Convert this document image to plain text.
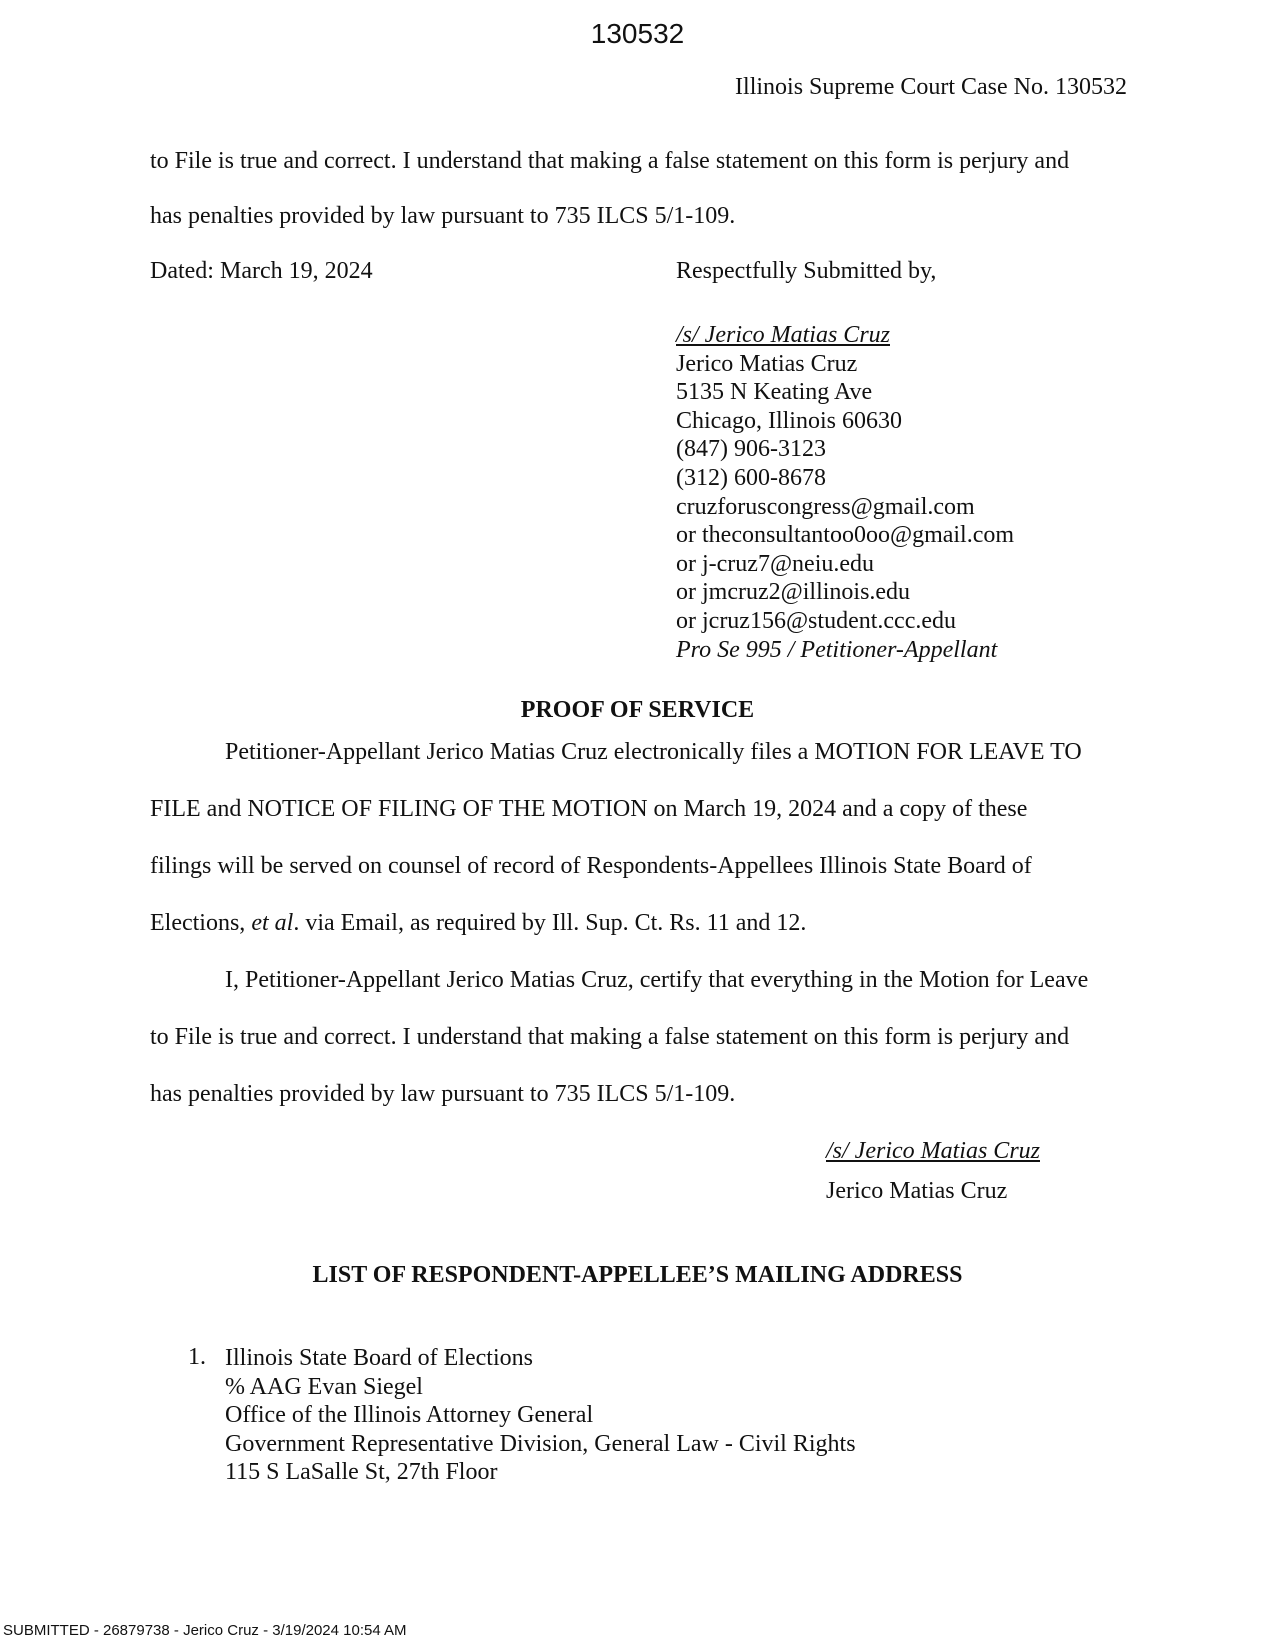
130532
Illinois Supreme Court Case No. 130532
to File is true and correct. I understand that making a false statement on this form is perjury and
has penalties provided by law pursuant to 735 ILCS 5/1-109.
Dated: March 19, 2024	Respectfully Submitted by,
/s/ Jerico Matias Cruz
Jerico Matias Cruz
5135 N Keating Ave
Chicago, Illinois 60630
(847) 906-3123
(312) 600-8678
cruzforuscongress@gmail.com
or theconsultantoo0oo@gmail.com
or j-cruz7@neiu.edu
or jmcruz2@illinois.edu
or jcruz156@student.ccc.edu
Pro Se 995 / Petitioner-Appellant
PROOF OF SERVICE
Petitioner-Appellant Jerico Matias Cruz electronically files a MOTION FOR LEAVE TO
FILE and NOTICE OF FILING OF THE MOTION on March 19, 2024 and a copy of these
filings will be served on counsel of record of Respondents-Appellees Illinois State Board of
Elections, et al. via Email, as required by Ill. Sup. Ct. Rs. 11 and 12.
I, Petitioner-Appellant Jerico Matias Cruz, certify that everything in the Motion for Leave
to File is true and correct. I understand that making a false statement on this form is perjury and
has penalties provided by law pursuant to 735 ILCS 5/1-109.
/s/ Jerico Matias Cruz
Jerico Matias Cruz
LIST OF RESPONDENT-APPELLEE’S MAILING ADDRESS
1. Illinois State Board of Elections
% AAG Evan Siegel
Office of the Illinois Attorney General
Government Representative Division, General Law - Civil Rights
115 S LaSalle St, 27th Floor
SUBMITTED - 26879738 - Jerico Cruz - 3/19/2024 10:54 AM
